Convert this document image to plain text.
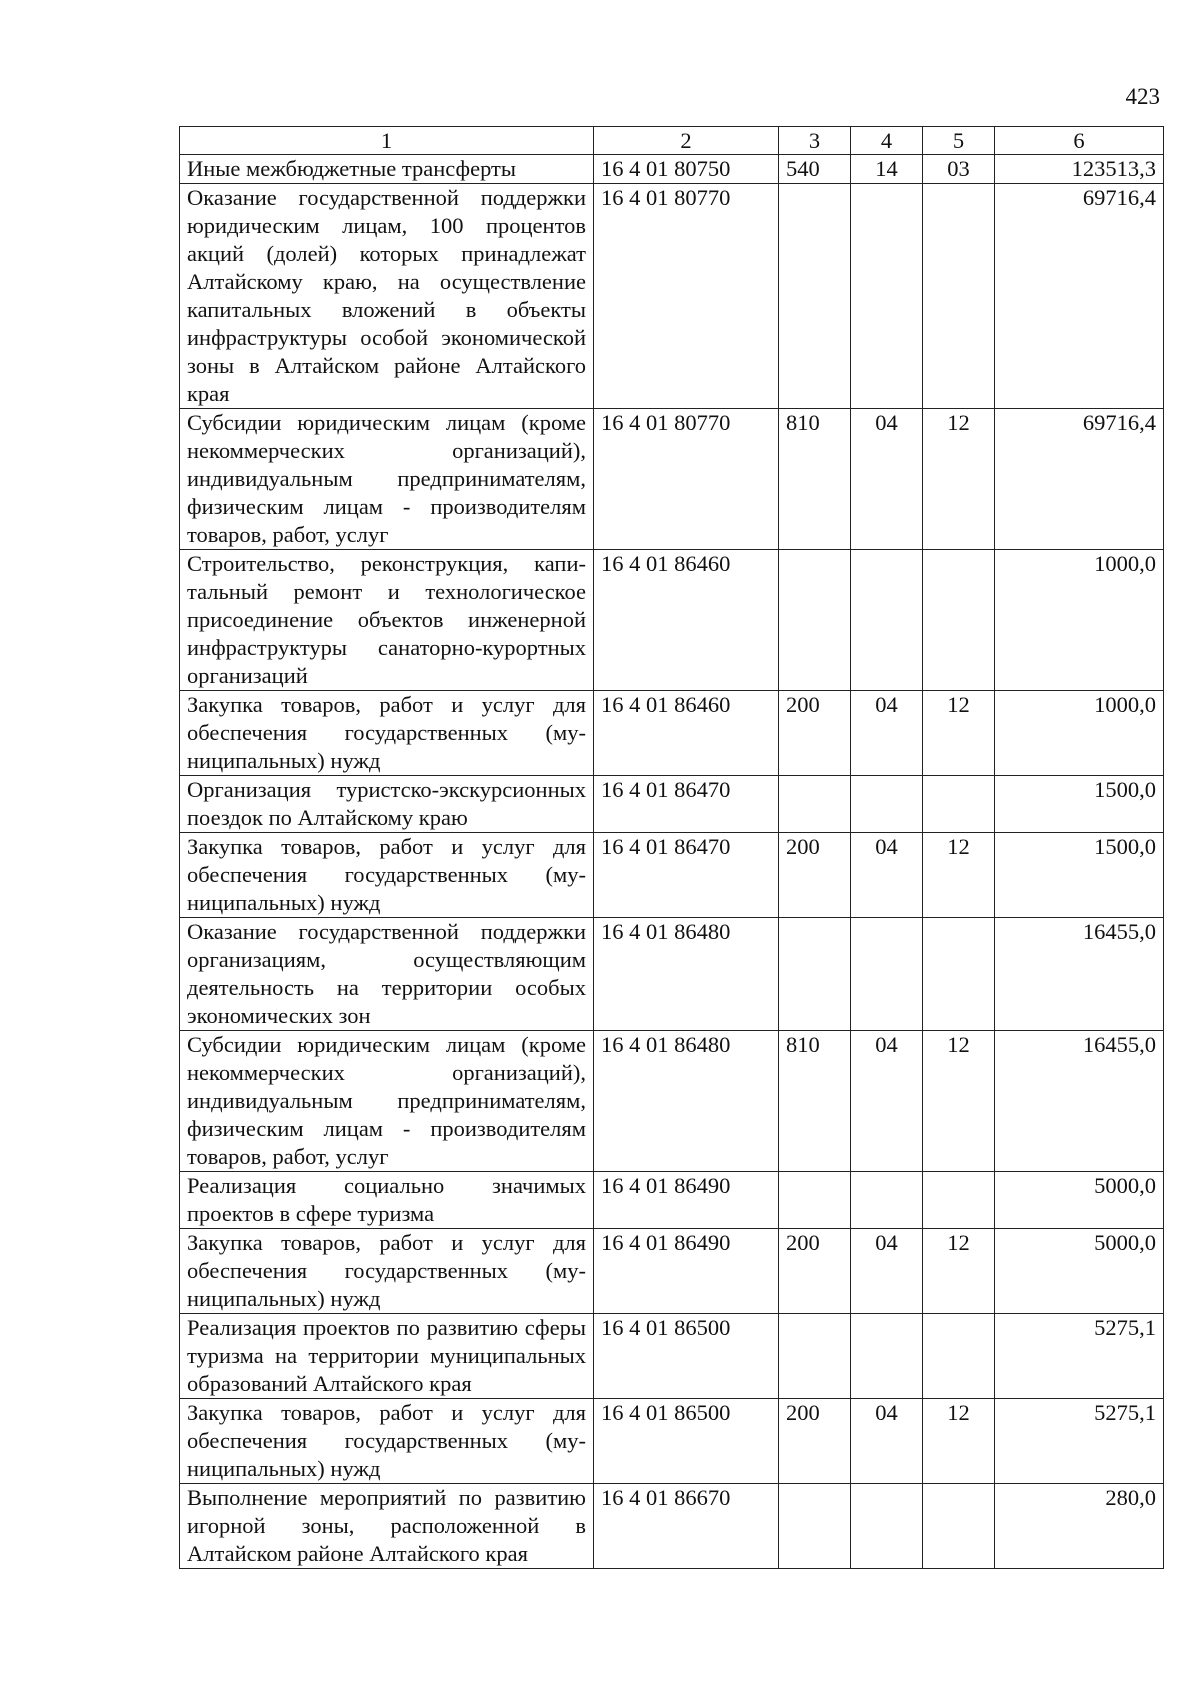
423
1	2	3	4	5	6
Иные межбюджетные трансферты	16 4 01 80750	540	14	03	123513,3
Оказание государственной поддержки юридическим лицам, 100 процентов акций (долей) которых принадлежат Алтайскому краю, на осуществление капитальных вложений в объекты инфраструктуры особой экономической зоны в Алтайском районе Алтайского края	16 4 01 80770				69716,4
Субсидии юридическим лицам (кроме некоммерческих организаций), индивидуальным предпринимателям, физическим лицам - производителям товаров, работ, услуг	16 4 01 80770	810	04	12	69716,4
Строительство, реконструкция, капитальный ремонт и технологическое присоединение объектов инженерной инфраструктуры санаторно-курортных организаций	16 4 01 86460				1000,0
Закупка товаров, работ и услуг для обеспечения государственных (муниципальных) нужд	16 4 01 86460	200	04	12	1000,0
Организация туристско-экскурсионных поездок по Алтайскому краю	16 4 01 86470				1500,0
Закупка товаров, работ и услуг для обеспечения государственных (муниципальных) нужд	16 4 01 86470	200	04	12	1500,0
Оказание государственной поддержки организациям, осуществляющим деятельность на территории особых экономических зон	16 4 01 86480				16455,0
Субсидии юридическим лицам (кроме некоммерческих организаций), индивидуальным предпринимателям, физическим лицам - производителям товаров, работ, услуг	16 4 01 86480	810	04	12	16455,0
Реализация социально значимых проектов в сфере туризма	16 4 01 86490				5000,0
Закупка товаров, работ и услуг для обеспечения государственных (муниципальных) нужд	16 4 01 86490	200	04	12	5000,0
Реализация проектов по развитию сферы туризма на территории муниципальных образований Алтайского края	16 4 01 86500				5275,1
Закупка товаров, работ и услуг для обеспечения государственных (муниципальных) нужд	16 4 01 86500	200	04	12	5275,1
Выполнение мероприятий по развитию игорной зоны, расположенной в Алтайском районе Алтайского края	16 4 01 86670				280,0
